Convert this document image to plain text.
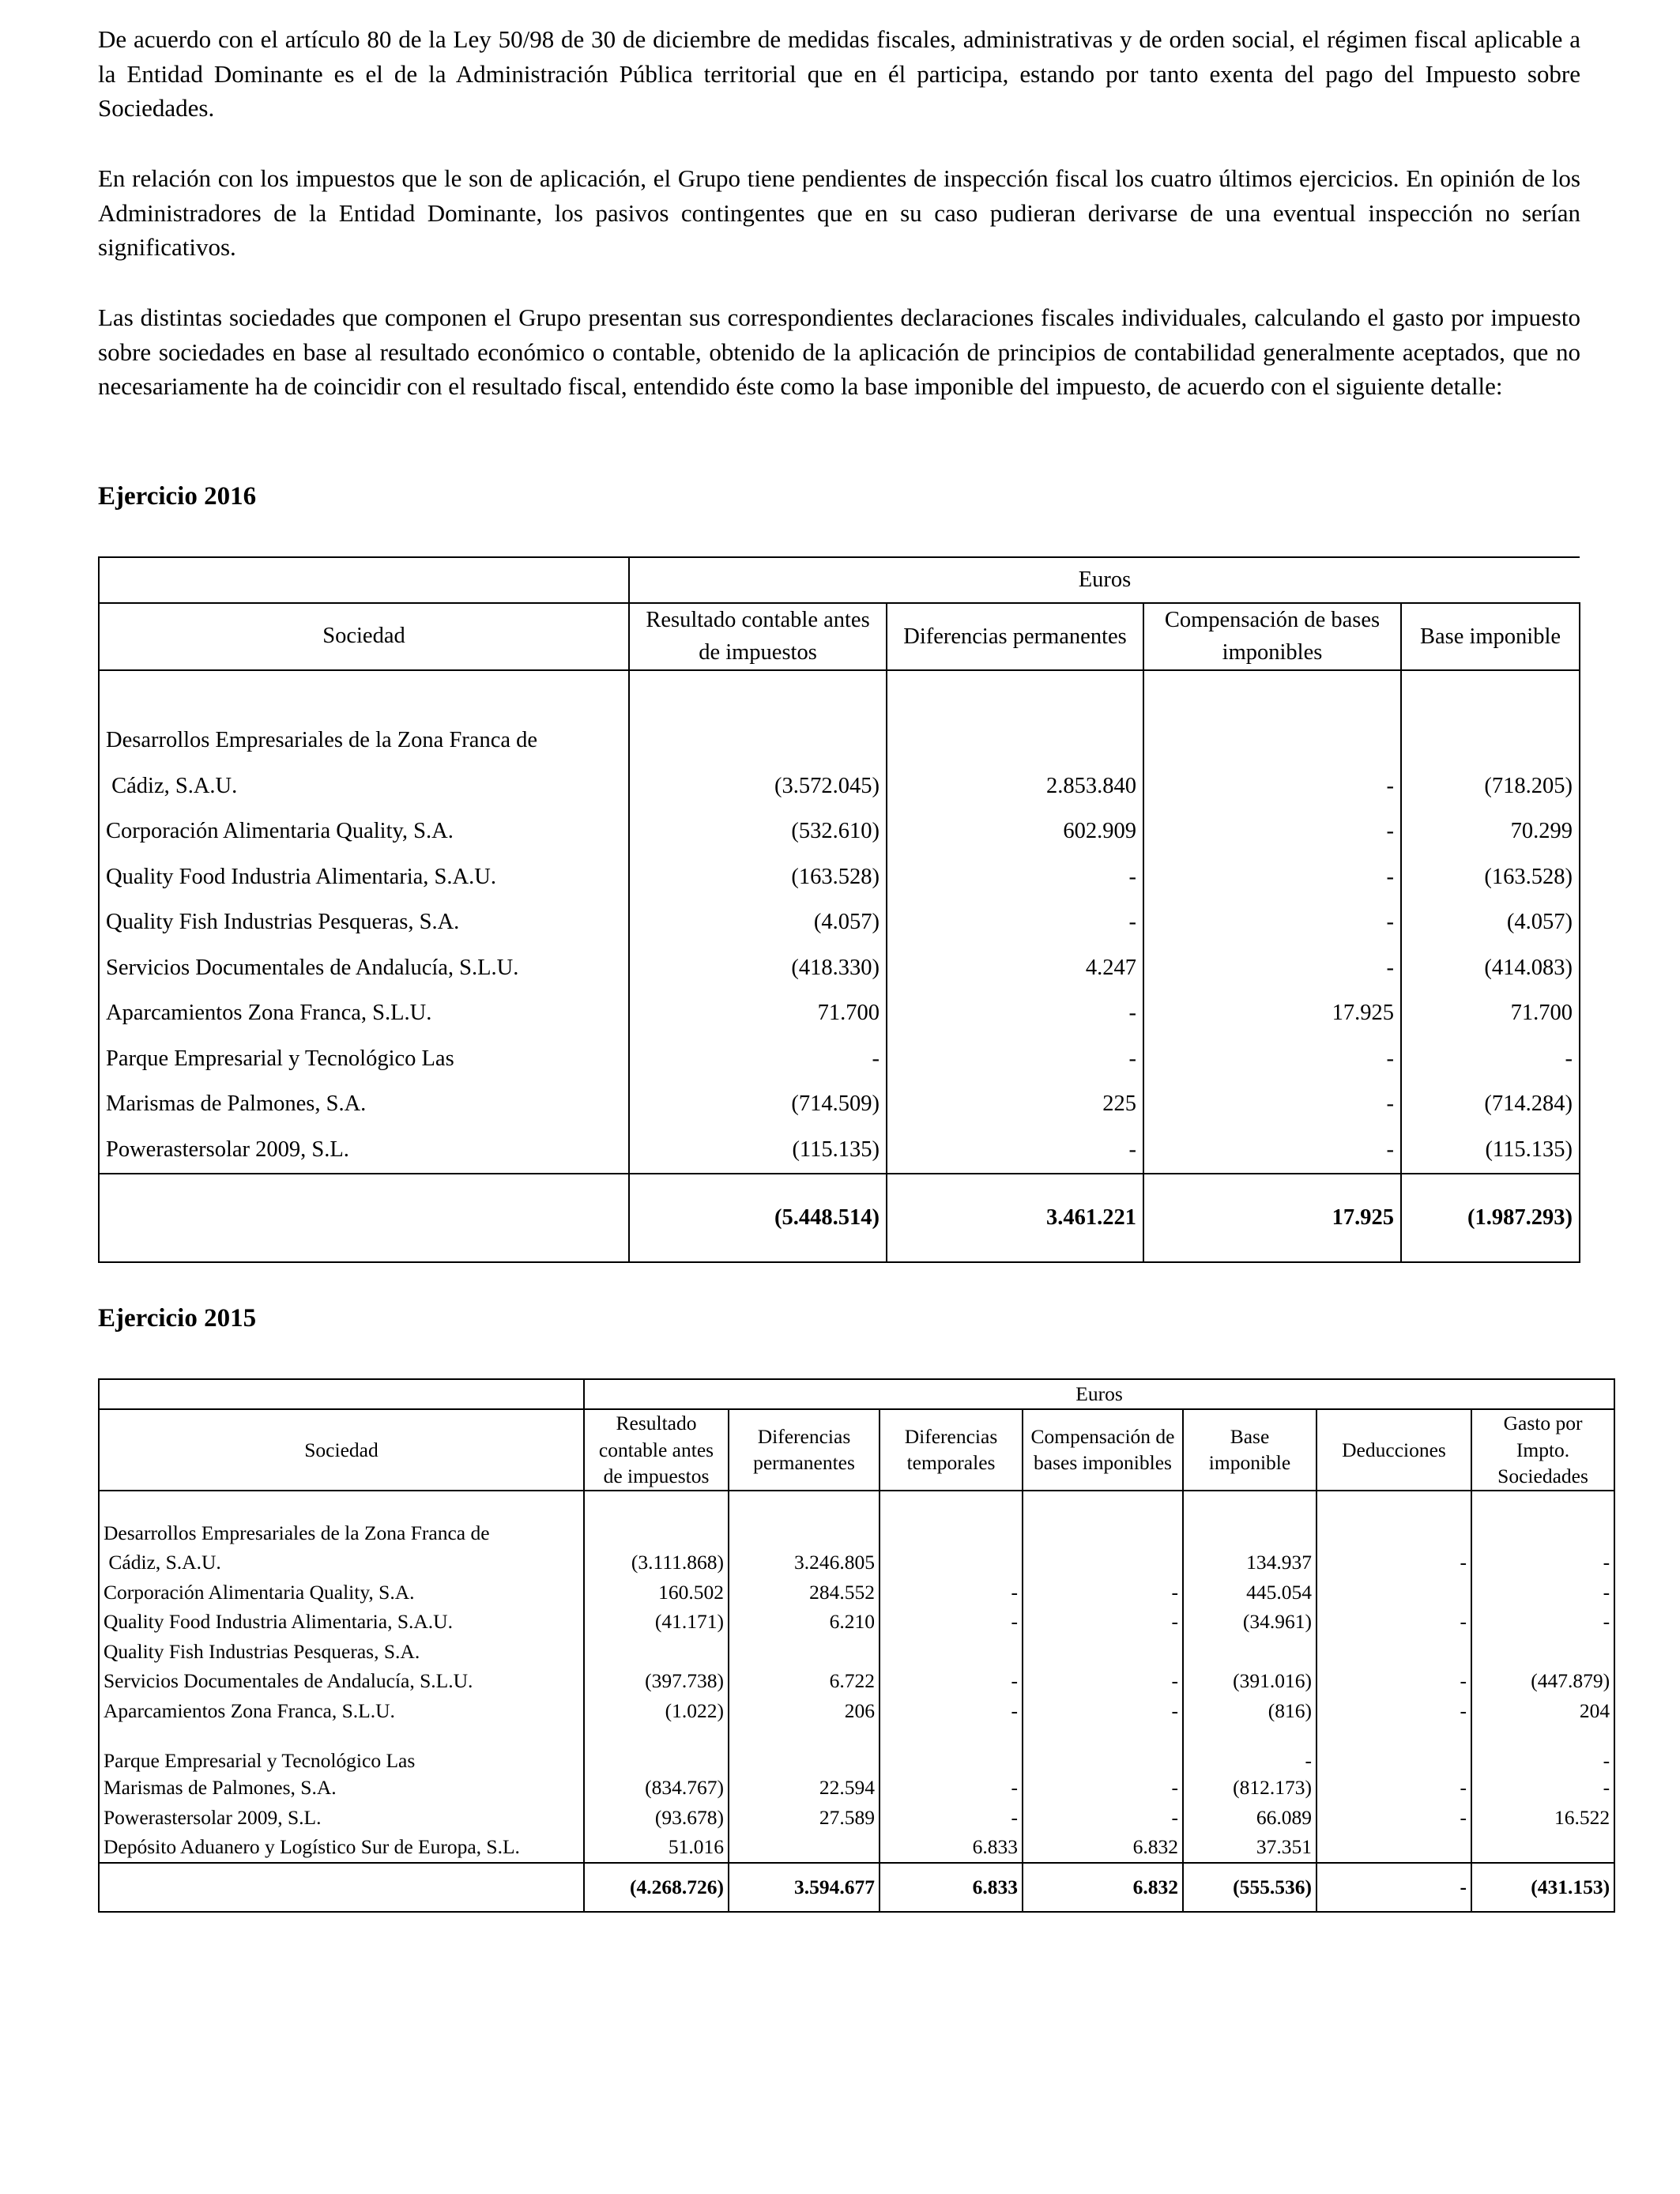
De acuerdo con el artículo 80 de la Ley 50/98 de 30 de diciembre de medidas fiscales, administrativas y de orden social, el régimen fiscal aplicable a la Entidad Dominante es el de la Administración Pública territorial que en él participa, estando por tanto exenta del pago del Impuesto sobre Sociedades.

En relación con los impuestos que le son de aplicación, el Grupo tiene pendientes de inspección fiscal los cuatro últimos ejercicios. En opinión de los Administradores de la Entidad Dominante, los pasivos contingentes que en su caso pudieran derivarse de una eventual inspección no serían significativos.

Las distintas sociedades que componen el Grupo presentan sus correspondientes declaraciones fiscales individuales, calculando el gasto por impuesto sobre sociedades en base al resultado económico o contable, obtenido de la aplicación de principios de contabilidad generalmente aceptados, que no necesariamente ha de coincidir con el resultado fiscal, entendido éste como la base imponible del impuesto, de acuerdo con el siguiente detalle:

Ejercicio 2016
	Euros			
Sociedad	Resultado contable antes de impuestos	Diferencias permanentes	Compensación de bases imponibles	Base imponible

Desarrollos Empresariales de la Zona Franca de				
Cádiz, S.A.U.	(3.572.045)	2.853.840	-	(718.205)
Corporación Alimentaria Quality, S.A.	(532.610)	602.909	-	70.299
Quality Food Industria Alimentaria, S.A.U.	(163.528)	-	-	(163.528)
Quality Fish Industrias Pesqueras, S.A.	(4.057)	-	-	(4.057)
Servicios Documentales de Andalucía, S.L.U.	(418.330)	4.247	-	(414.083)
Aparcamientos Zona Franca, S.L.U.	71.700	-	17.925	71.700
Parque Empresarial y Tecnológico Las	-	-	-	-
Marismas de Palmones, S.A.	(714.509)	225	-	(714.284)
Powerastersolar 2009, S.L.	(115.135)	-	-	(115.135)
	(5.448.514)	3.461.221	17.925	(1.987.293)
Ejercicio 2015
	Euros						
Sociedad	Resultado contable antes de impuestos	Diferencias permanentes	Diferencias temporales	Compensación de bases imponibles	Base imponible	Deducciones	Gasto por Impto. Sociedades

Desarrollos Empresariales de la Zona Franca de							
Cádiz, S.A.U.	(3.111.868)	3.246.805			134.937	-	-
Corporación Alimentaria Quality, S.A.	160.502	284.552	-	-	445.054		-
Quality Food Industria Alimentaria, S.A.U.	(41.171)	6.210	-	-	(34.961)	-	-
Quality Fish Industrias Pesqueras, S.A.							
Servicios Documentales de Andalucía, S.L.U.	(397.738)	6.722	-	-	(391.016)	-	(447.879)
Aparcamientos Zona Franca, S.L.U.	(1.022)	206	-	-	(816)	-	204
Parque Empresarial y Tecnológico Las					-		-
Marismas de Palmones, S.A.	(834.767)	22.594	-	-	(812.173)	-	-
Powerastersolar 2009, S.L.	(93.678)	27.589	-	-	66.089	-	16.522
Depósito Aduanero y Logístico Sur de Europa, S.L.	51.016		6.833	6.832	37.351		
	(4.268.726)	3.594.677	6.833	6.832	(555.536)	-	(431.153)
